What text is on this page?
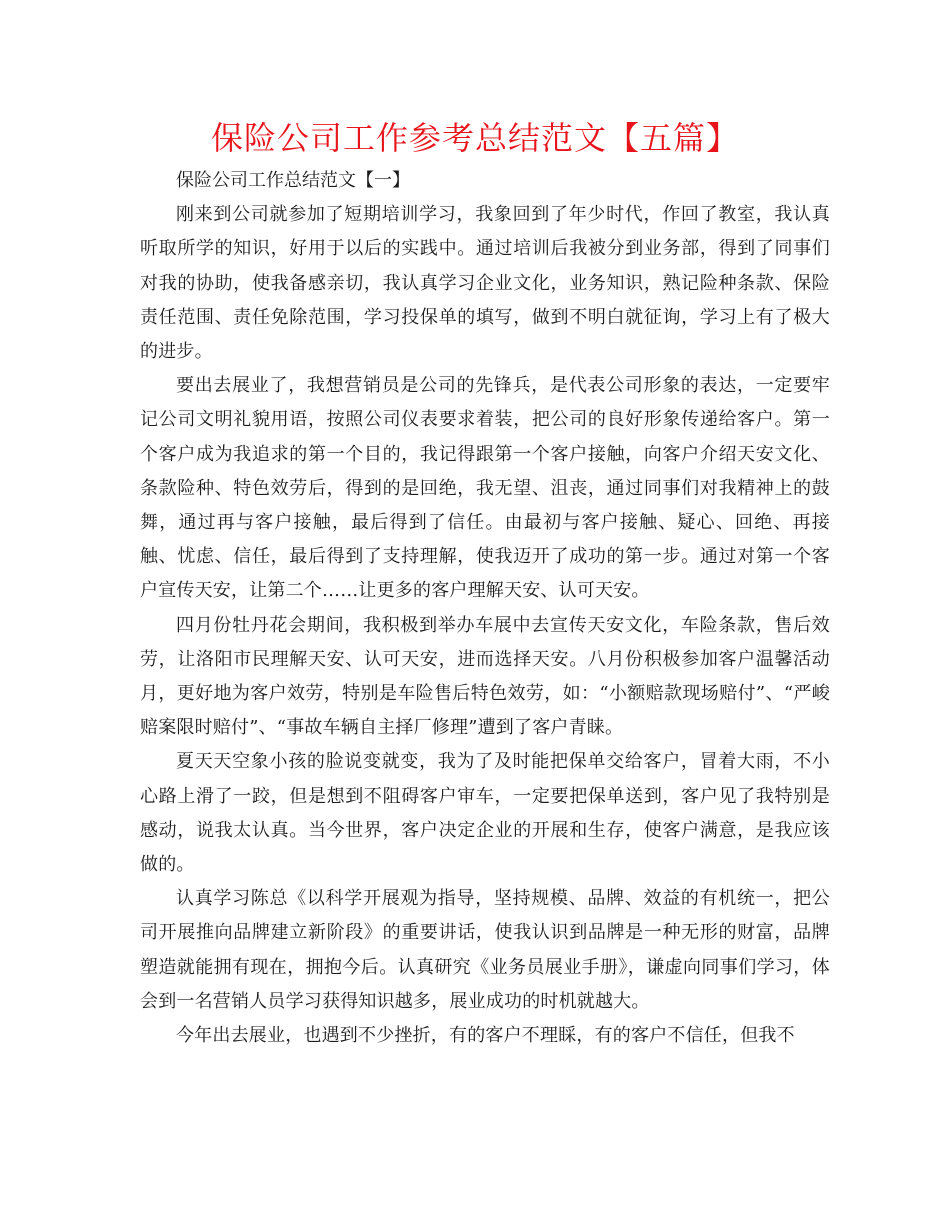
保险公司工作参考总结范文【五篇】

保险公司工作总结范文【一】

刚来到公司就参加了短期培训学习，我象回到了年少时代，作回了教室，我认真听取所学的知识，好用于以后的实践中。通过培训后我被分到业务部，得到了同事们对我的协助，使我备感亲切，我认真学习企业文化，业务知识，熟记险种条款、保险责任范围、责任免除范围，学习投保单的填写，做到不明白就征询，学习上有了极大的进步。

要出去展业了，我想营销员是公司的先锋兵，是代表公司形象的表达，一定要牢记公司文明礼貌用语，按照公司仪表要求着装，把公司的良好形象传递给客户。第一个客户成为我追求的第一个目的，我记得跟第一个客户接触，向客户介绍天安文化、条款险种、特色效劳后，得到的是回绝，我无望、沮丧，通过同事们对我精神上的鼓舞，通过再与客户接触，最后得到了信任。由最初与客户接触、疑心、回绝、再接触、忧虑、信任，最后得到了支持理解，使我迈开了成功的第一步。通过对第一个客户宣传天安，让第二个……让更多的客户理解天安、认可天安。

四月份牡丹花会期间，我积极到举办车展中去宣传天安文化，车险条款，售后效劳，让洛阳市民理解天安、认可天安，进而选择天安。八月份积极参加客户温馨活动月，更好地为客户效劳，特别是车险售后特色效劳，如：“小额赔款现场赔付”、“严峻赔案限时赔付”、“事故车辆自主择厂修理”遭到了客户青睐。

夏天天空象小孩的脸说变就变，我为了及时能把保单交给客户，冒着大雨，不小心路上滑了一跤，但是想到不阻碍客户审车，一定要把保单送到，客户见了我特别是感动，说我太认真。当今世界，客户决定企业的开展和生存，使客户满意，是我应该做的。

认真学习陈总《以科学开展观为指导，坚持规模、品牌、效益的有机统一，把公司开展推向品牌建立新阶段》的重要讲话，使我认识到品牌是一种无形的财富，品牌塑造就能拥有现在，拥抱今后。认真研究《业务员展业手册》，谦虚向同事们学习，体会到一名营销人员学习获得知识越多，展业成功的时机就越大。

今年出去展业，也遇到不少挫折，有的客户不理睬，有的客户不信任，但我不
